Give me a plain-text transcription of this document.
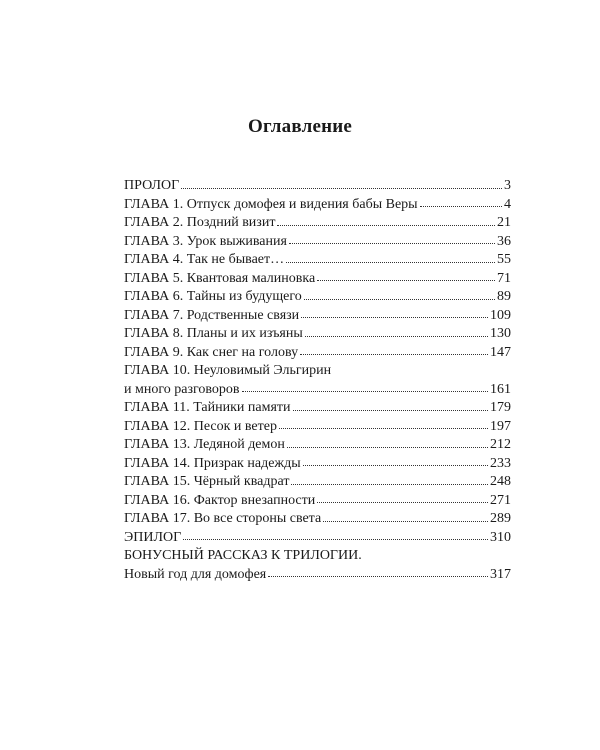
Оглавление
ПРОЛОГ	3
ГЛАВА 1. Отпуск домофея и видения бабы Веры	4
ГЛАВА 2. Поздний визит	21
ГЛАВА 3. Урок выживания	36
ГЛАВА 4. Так не бывает…	55
ГЛАВА 5. Квантовая малиновка	71
ГЛАВА 6. Тайны из будущего	89
ГЛАВА 7. Родственные связи	109
ГЛАВА 8. Планы и их изъяны	130
ГЛАВА 9. Как снег на голову	147
ГЛАВА 10. Неуловимый Эльгирин
и много разговоров	161
ГЛАВА 11. Тайники памяти	179
ГЛАВА 12. Песок и ветер	197
ГЛАВА 13. Ледяной демон	212
ГЛАВА 14. Призрак надежды	233
ГЛАВА 15. Чёрный квадрат	248
ГЛАВА 16. Фактор внезапности	271
ГЛАВА 17. Во все стороны света	289
ЭПИЛОГ	310
БОНУСНЫЙ РАССКАЗ К ТРИЛОГИИ.
Новый год для домофея	317
